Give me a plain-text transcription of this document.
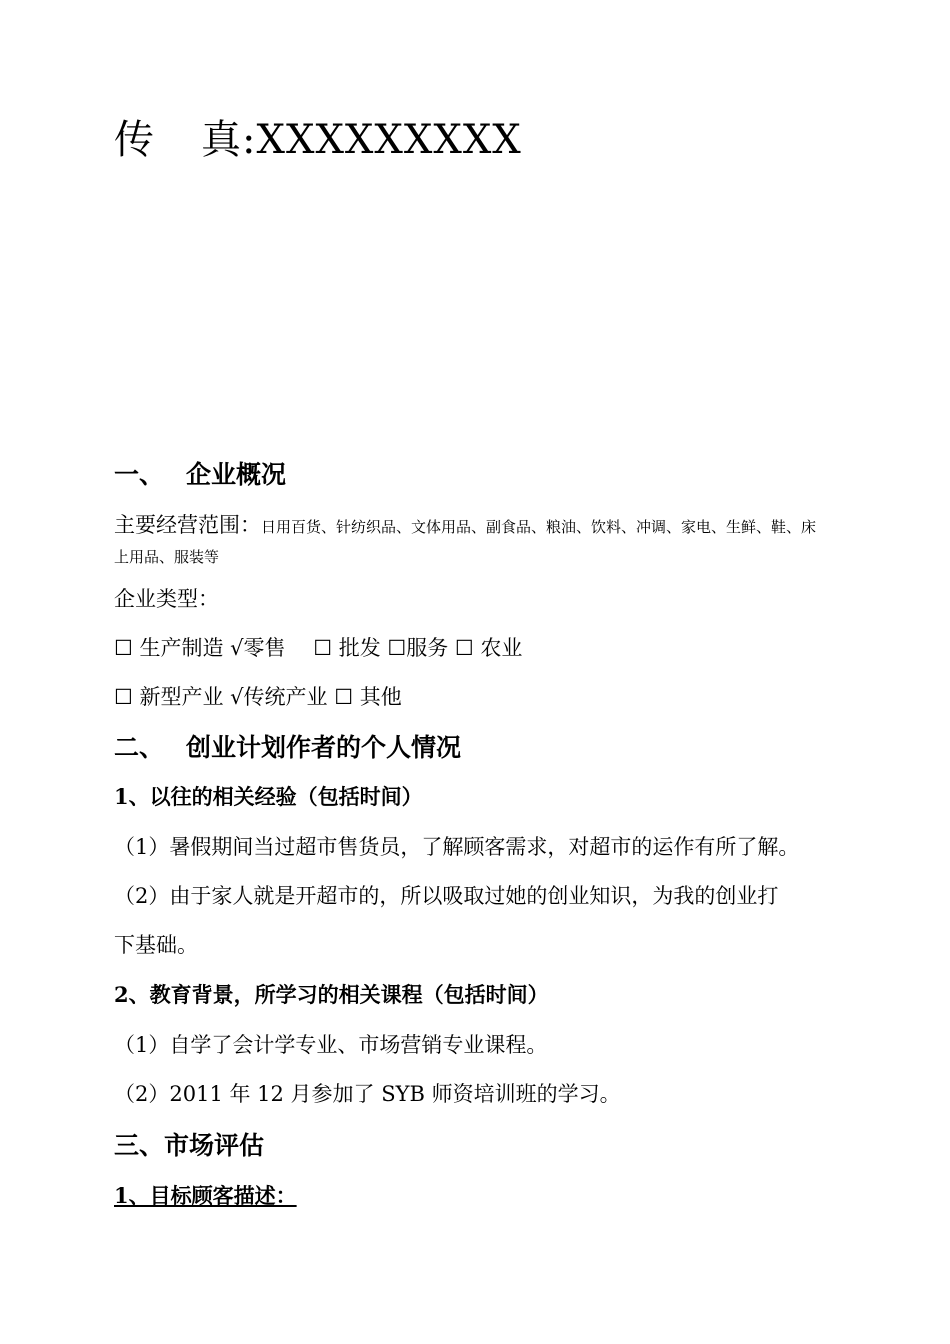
传 真:XXXXXXXXX
一、 企业概况
主要经营范围：日用百货、针纺织品、文体用品、副食品、粮油、饮料、冲调、家电、生鲜、鞋、床
上用品、服装等
企业类型：
☐ 生产制造 √零售　 ☐ 批发 ☐服务 ☐ 农业
☐ 新型产业 √传统产业 ☐ 其他
二、 创业计划作者的个人情况
1、以往的相关经验（包括时间）
（1）暑假期间当过超市售货员，了解顾客需求，对超市的运作有所了解。
（2）由于家人就是开超市的，所以吸取过她的创业知识，为我的创业打
下基础。
2、教育背景，所学习的相关课程（包括时间）
（1）自学了会计学专业、市场营销专业课程。
（2）2011 年 12 月参加了 SYB 师资培训班的学习。
三、市场评估
1、目标顾客描述：
